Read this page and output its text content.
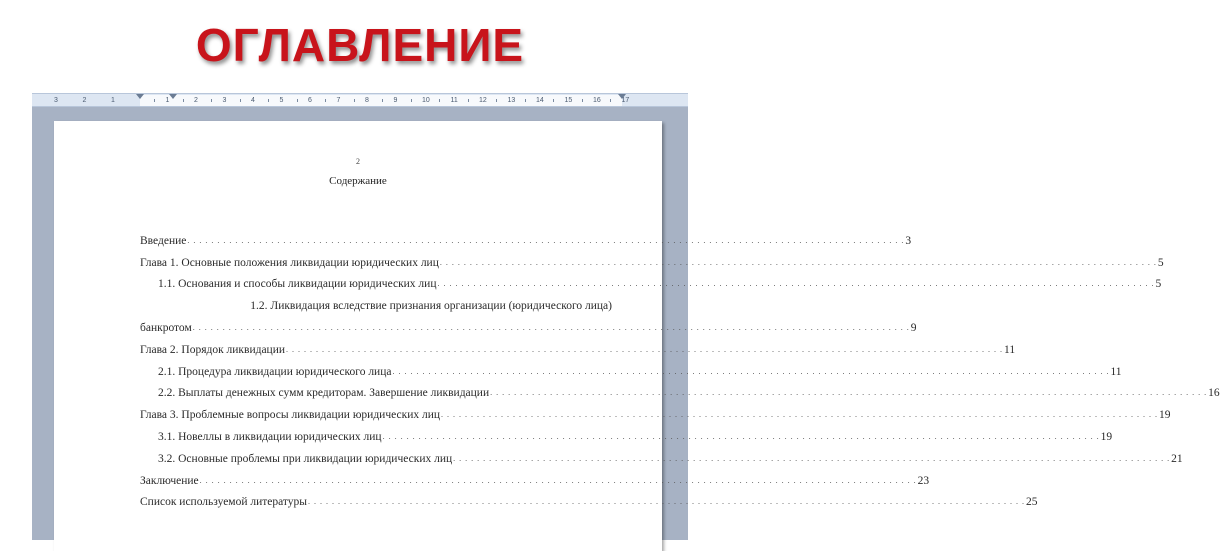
ОГЛАВЛЕНИЕ
3	2	1	1	2	3	4	5	6	7	8	9	10	11	12	13	14	15	16	17
2
Содержание
Введение . . . . . . . . . . . . . . . . . . . . . . . . . . . . . . . . . . . . . . . . . . . . . . . . . . . . . . . . . . . . . . . . . . . . . . . . . . . . . . . . . . . . . . . . . . . . . . . . . . . . . . . . . . . . . . . . . . . . . . . . 3
Глава 1. Основные положения ликвидации юридических лиц . . . . . . . . . . . . . . . . . . . . . . . . . . . . . . . . . . . . . . . . . . . . . . . . . . . . . . . . . . . . . . . . . . . . . . . . . . . . . . . . . . . . . . . . . . . . . . . . . . . . . . . . . . . . . . . . . . . . . . . . 5
1.1. Основания и способы ликвидации юридических лиц . . . . . . . . . . . . . . . . . . . . . . . . . . . . . . . . . . . . . . . . . . . . . . . . . . . . . . . . . . . . . . . . . . . . . . . . . . . . . . . . . . . . . . . . . . . . . . . . . . . . . . . . . . . . . . . . . . . . . . . . 5
1.2. Ликвидация вследствие признания организации (юридического лица)
банкротом . . . . . . . . . . . . . . . . . . . . . . . . . . . . . . . . . . . . . . . . . . . . . . . . . . . . . . . . . . . . . . . . . . . . . . . . . . . . . . . . . . . . . . . . . . . . . . . . . . . . . . . . . . . . . . . . . . . . . . . . 9
Глава 2. Порядок ликвидации . . . . . . . . . . . . . . . . . . . . . . . . . . . . . . . . . . . . . . . . . . . . . . . . . . . . . . . . . . . . . . . . . . . . . . . . . . . . . . . . . . . . . . . . . . . . . . . . . . . . . . . . . . . . . . . . . . . . . . . . 11
2.1. Процедура ликвидации юридического лица . . . . . . . . . . . . . . . . . . . . . . . . . . . . . . . . . . . . . . . . . . . . . . . . . . . . . . . . . . . . . . . . . . . . . . . . . . . . . . . . . . . . . . . . . . . . . . . . . . . . . . . . . . . . . . . . . . . . . . . . 11
2.2. Выплаты денежных сумм кредиторам. Завершение ликвидации . . . . . . . . . . . . . . . . . . . . . . . . . . . . . . . . . . . . . . . . . . . . . . . . . . . . . . . . . . . . . . . . . . . . . . . . . . . . . . . . . . . . . . . . . . . . . . . . . . . . . . . . . . . . . . . . . . . . . . . . 16
Глава 3. Проблемные вопросы ликвидации юридических лиц . . . . . . . . . . . . . . . . . . . . . . . . . . . . . . . . . . . . . . . . . . . . . . . . . . . . . . . . . . . . . . . . . . . . . . . . . . . . . . . . . . . . . . . . . . . . . . . . . . . . . . . . . . . . . . . . . . . . . . . . 19
3.1. Новеллы в ликвидации юридических лиц . . . . . . . . . . . . . . . . . . . . . . . . . . . . . . . . . . . . . . . . . . . . . . . . . . . . . . . . . . . . . . . . . . . . . . . . . . . . . . . . . . . . . . . . . . . . . . . . . . . . . . . . . . . . . . . . . . . . . . . . 19
3.2. Основные проблемы при ликвидации юридических лиц . . . . . . . . . . . . . . . . . . . . . . . . . . . . . . . . . . . . . . . . . . . . . . . . . . . . . . . . . . . . . . . . . . . . . . . . . . . . . . . . . . . . . . . . . . . . . . . . . . . . . . . . . . . . . . . . . . . . . . . . 21
Заключение . . . . . . . . . . . . . . . . . . . . . . . . . . . . . . . . . . . . . . . . . . . . . . . . . . . . . . . . . . . . . . . . . . . . . . . . . . . . . . . . . . . . . . . . . . . . . . . . . . . . . . . . . . . . . . . . . . . . . . . . 23
Список используемой литературы . . . . . . . . . . . . . . . . . . . . . . . . . . . . . . . . . . . . . . . . . . . . . . . . . . . . . . . . . . . . . . . . . . . . . . . . . . . . . . . . . . . . . . . . . . . . . . . . . . . . . . . . . . . . . . . . . . . . . . . . 25
